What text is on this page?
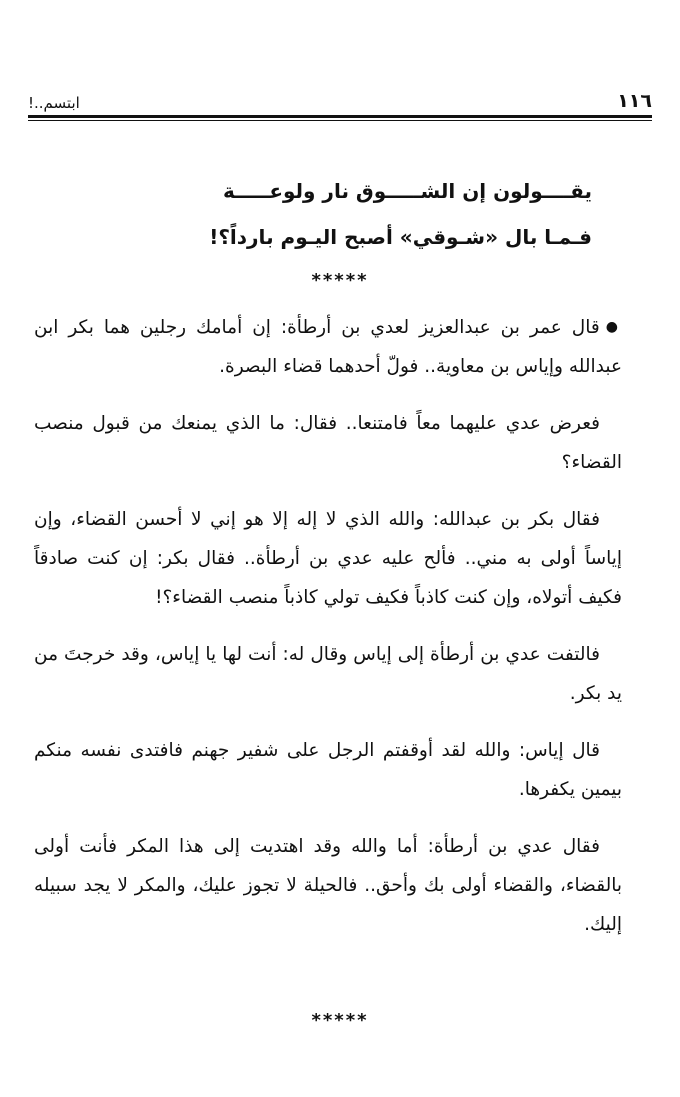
١١٦
ابتسم..!
يقــــولون إن الشـــــوق نار ولوعـــــة
فـمـا بال «شـوقي» أصبح اليـوم بارداً؟!
*****

●قال عمر بن عبدالعزيز لعدي بن أرطأة: إن أمامك رجلين هما بكر ابن عبدالله وإياس بن معاوية.. فولّ أحدهما قضاء البصرة.

فعرض عدي عليهما معاً فامتنعا.. فقال: ما الذي يمنعك من قبول منصب القضاء؟

فقال بكر بن عبدالله: والله الذي لا إله إلا هو إني لا أحسن القضاء، وإن إياساً أولى به مني.. فألح عليه عدي بن أرطأة.. فقال بكر: إن كنت صادقاً فكيف أتولاه، وإن كنت كاذباً فكيف تولي كاذباً منصب القضاء؟!

فالتفت عدي بن أرطأة إلى إياس وقال له: أنت لها يا إياس، وقد خرجتَ من يد بكر.

قال إياس: والله لقد أوقفتم الرجل على شفير جهنم فافتدى نفسه منكم بيمين يكفرها.

فقال عدي بن أرطأة: أما والله وقد اهتديت إلى هذا المكر فأنت أولى بالقضاء، والقضاء أولى بك وأحق.. فالحيلة لا تجوز عليك، والمكر لا يجد سبيله إليك.

*****
